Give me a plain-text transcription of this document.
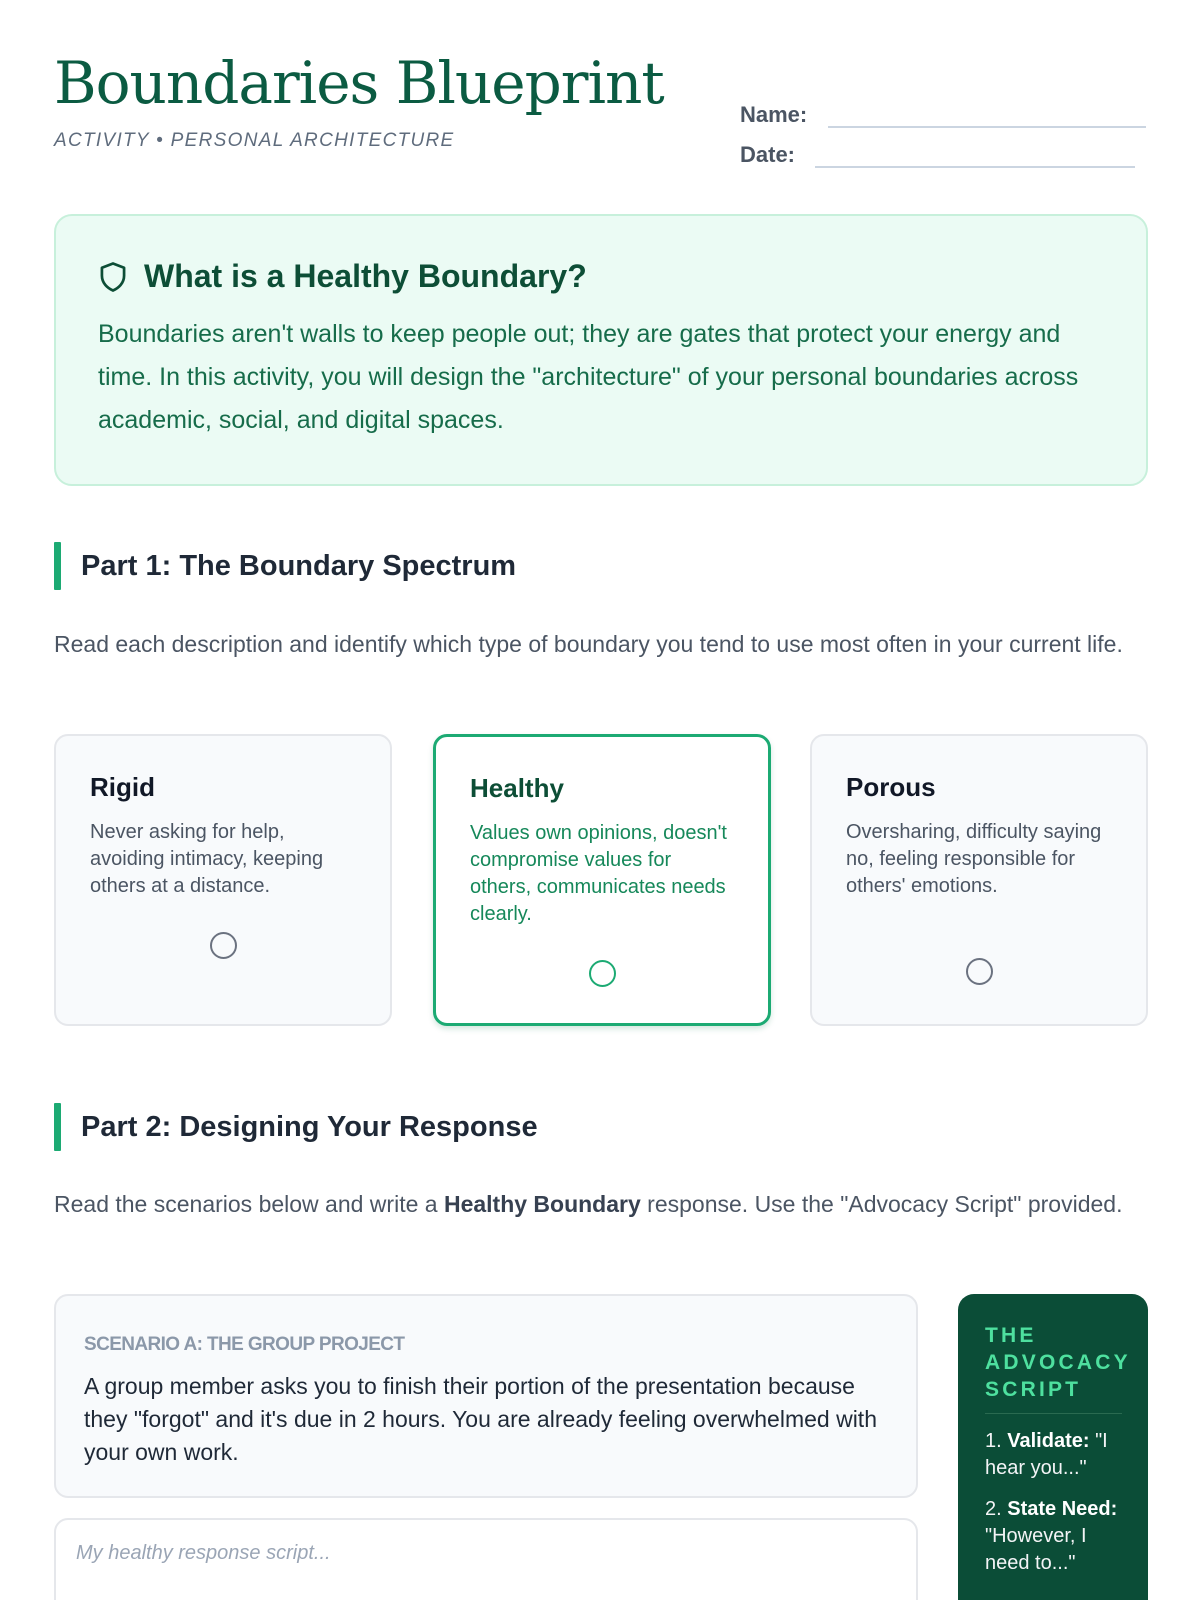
Boundaries Blueprint
ACTIVITY • PERSONAL ARCHITECTURE
Name:
Date:
What is a Healthy Boundary?

Boundaries aren't walls to keep people out; they are gates that protect your energy and time. In this activity, you will design the "architecture" of your personal boundaries across academic, social, and digital spaces.

Part 1: The Boundary Spectrum

Read each description and identify which type of boundary you tend to use most often in your current life.

Rigid
Never asking for help, avoiding intimacy, keeping others at a distance.
Healthy
Values own opinions, doesn't compromise values for others, communicates needs clearly.
Porous
Oversharing, difficulty saying no, feeling responsible for others' emotions.
Part 2: Designing Your Response

Read the scenarios below and write a Healthy Boundary response. Use the "Advocacy Script" provided.

SCENARIO A: THE GROUP PROJECT

A group member asks you to finish their portion of the presentation because they "forgot" and it's due in 2 hours. You are already feeling overwhelmed with your own work.

My healthy response script...
THE ADVOCACY SCRIPT

1. Validate: "I hear you..."

2. State Need: "However, I need to..."
